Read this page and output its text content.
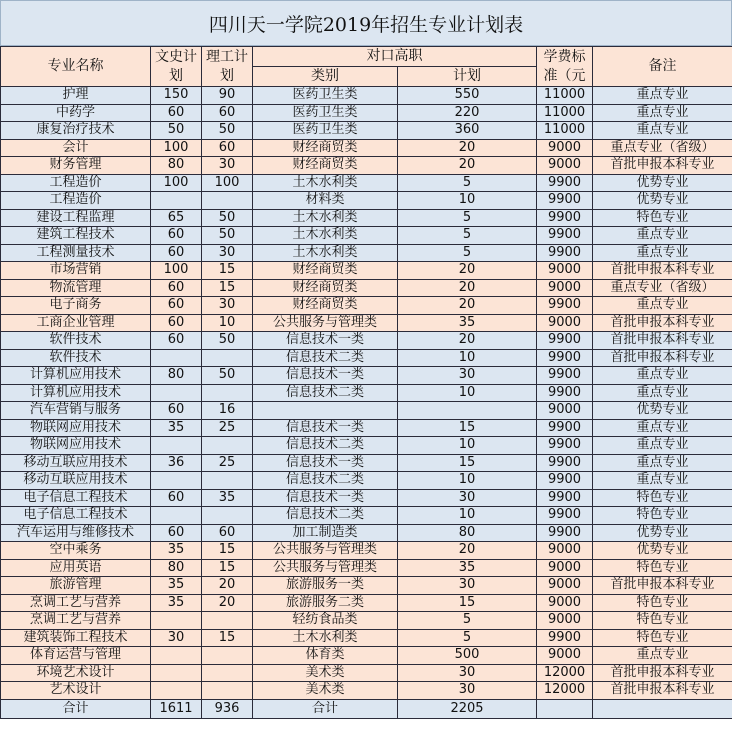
四川天一学院2019年招生专业计划表
专业名称	文史计划	理工计划	对口高职		学费标准（元	备注
			类别	计划		
护理	150	90	医药卫生类	550	11000	重点专业
中药学	60	60	医药卫生类	220	11000	重点专业
康复治疗技术	50	50	医药卫生类	360	11000	重点专业
会计	100	60	财经商贸类	20	9000	重点专业（省级）
财务管理	80	30	财经商贸类	20	9000	首批申报本科专业
工程造价	100	100	土木水利类	5	9900	优势专业
工程造价			材料类	10	9900	优势专业
建设工程监理	65	50	土木水利类	5	9900	特色专业
建筑工程技术	60	50	土木水利类	5	9900	重点专业
工程测量技术	60	30	土木水利类	5	9900	重点专业
市场营销	100	15	财经商贸类	20	9000	首批申报本科专业
物流管理	60	15	财经商贸类	20	9000	重点专业（省级）
电子商务	60	30	财经商贸类	20	9900	重点专业
工商企业管理	60	10	公共服务与管理类	35	9000	首批申报本科专业
软件技术	60	50	信息技术一类	20	9900	首批申报本科专业
软件技术			信息技术二类	10	9900	首批申报本科专业
计算机应用技术	80	50	信息技术一类	30	9900	重点专业
计算机应用技术			信息技术二类	10	9900	重点专业
汽车营销与服务	60	16			9000	优势专业
物联网应用技术	35	25	信息技术一类	15	9900	重点专业
物联网应用技术			信息技术二类	10	9900	重点专业
移动互联应用技术	36	25	信息技术一类	15	9900	重点专业
移动互联应用技术			信息技术二类	10	9900	重点专业
电子信息工程技术	60	35	信息技术一类	30	9900	特色专业
电子信息工程技术			信息技术二类	10	9900	特色专业
汽车运用与维修技术	60	60	加工制造类	80	9900	优势专业
空中乘务	35	15	公共服务与管理类	20	9000	优势专业
应用英语	80	15	公共服务与管理类	35	9000	特色专业
旅游管理	35	20	旅游服务一类	30	9000	首批申报本科专业
烹调工艺与营养	35	20	旅游服务二类	15	9000	特色专业
烹调工艺与营养			轻纺食品类	5	9000	特色专业
建筑装饰工程技术	30	15	土木水利类	5	9900	特色专业
体育运营与管理			体育类	500	9000	重点专业
环境艺术设计			美术类	30	12000	首批申报本科专业
艺术设计			美术类	30	12000	首批申报本科专业
合计	1611	936	合计	2205		
